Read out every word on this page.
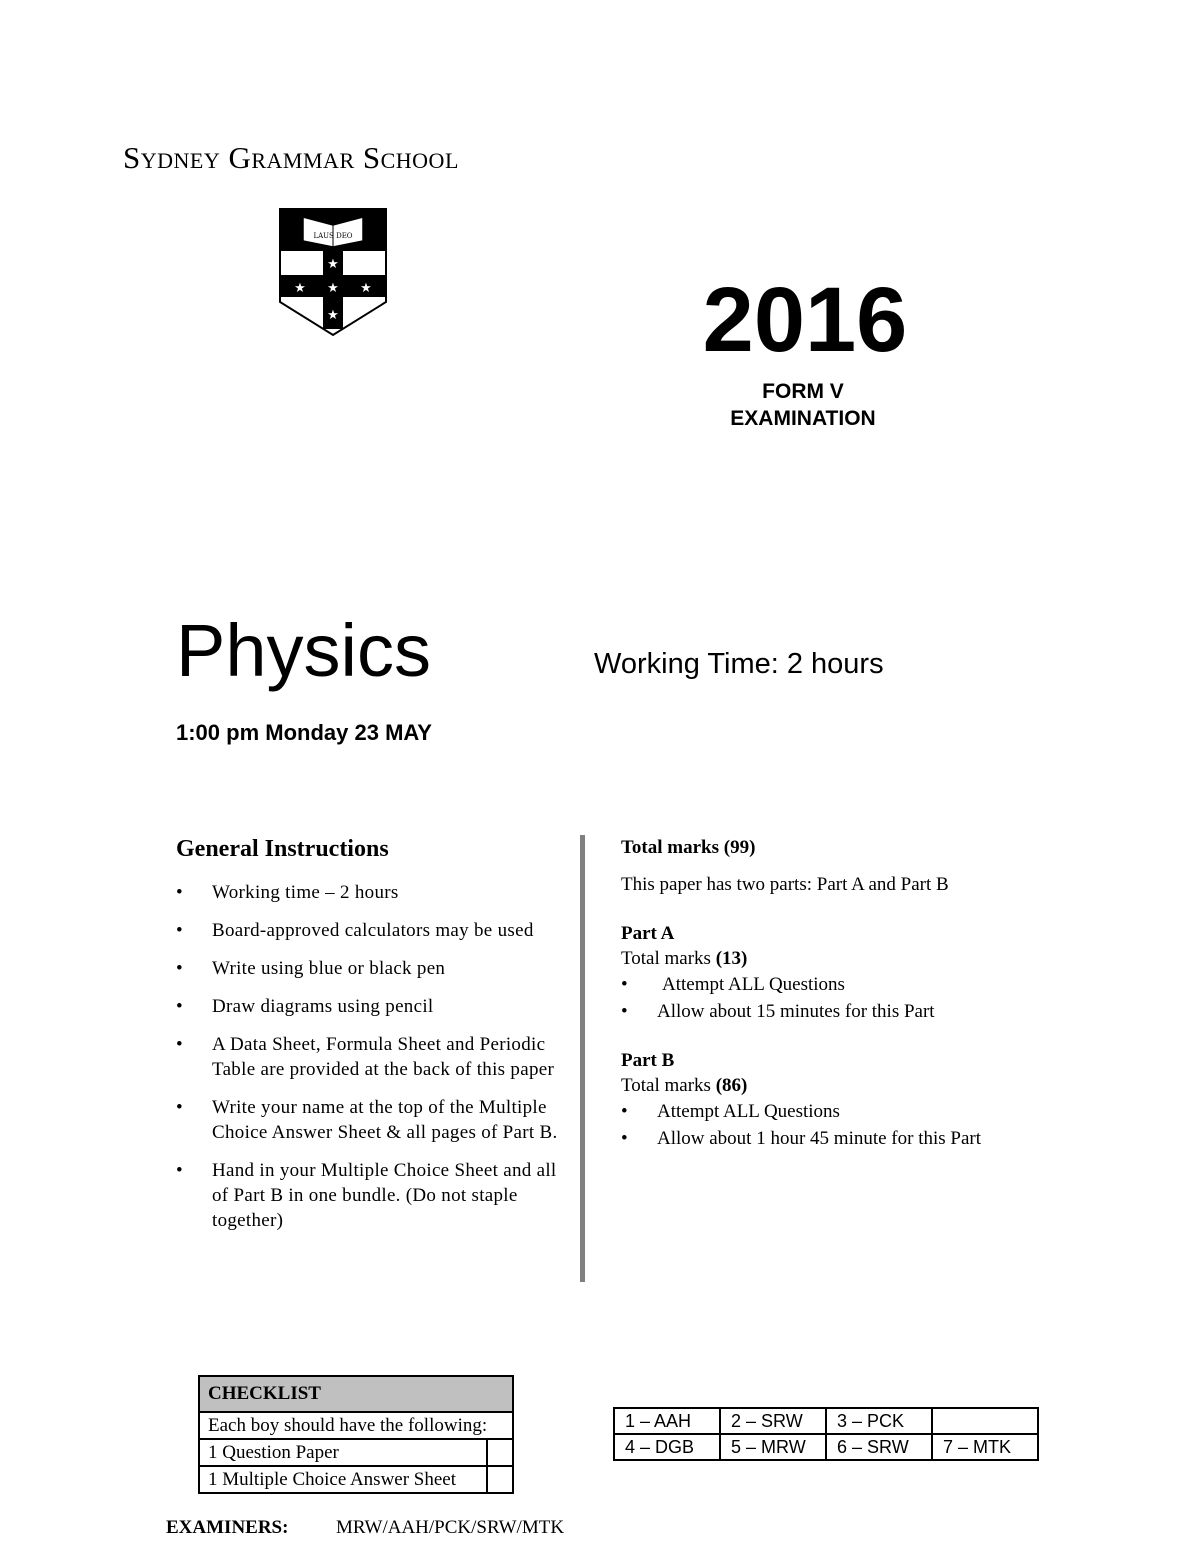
Sydney Grammar School
LAUS DEO
★
★ ★ ★
★	2016
FORM V
EXAMINATION
Physics	Working Time: 2 hours
1:00 pm Monday 23 MAY
General Instructions
• Working time – 2 hours
• Board-approved calculators may be used
• Write using blue or black pen
• Draw diagrams using pencil
• A Data Sheet, Formula Sheet and Periodic Table are provided at the back of this paper
• Write your name at the top of the Multiple Choice Answer Sheet & all pages of Part B.
• Hand in your Multiple Choice Sheet and all of Part B in one bundle. (Do not staple together)
Total marks (99)
This paper has two parts: Part A and Part B
Part A
Total marks (13)
• Attempt ALL Questions
• Allow about 15 minutes for this Part
Part B
Total marks (86)
• Attempt ALL Questions
• Allow about 1 hour 45 minute for this Part
CHECKLIST	
Each boy should have the following:	
1 Question Paper	
1 Multiple Choice Answer Sheet	
1 – AAH	2 – SRW	3 – PCK	
4 – DGB	5 – MRW	6 – SRW	7 – MTK
EXAMINERS:	MRW/AAH/PCK/SRW/MTK
